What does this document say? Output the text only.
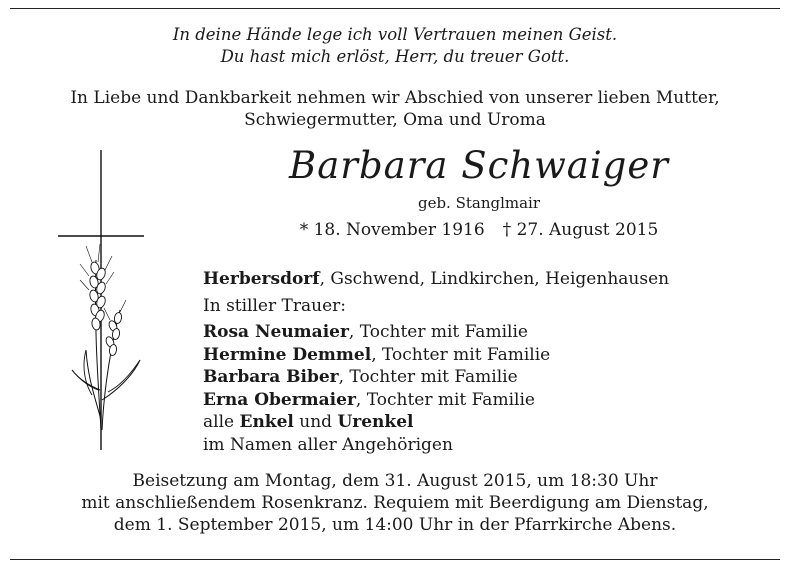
In deine Hände lege ich voll Vertrauen meinen Geist.
Du hast mich erlöst, Herr, du treuer Gott.
In Liebe und Dankbarkeit nehmen wir Abschied von unserer lieben Mutter,
Schwiegermutter, Oma und Uroma
Barbara Schwaiger
geb. Stanglmair
* 18. November 1916 † 27. August 2015
Herbersdorf, Gschwend, Lindkirchen, Heigenhausen
In stiller Trauer:
Rosa Neumaier, Tochter mit Familie
Hermine Demmel, Tochter mit Familie
Barbara Biber, Tochter mit Familie
Erna Obermaier, Tochter mit Familie
alle Enkel und Urenkel
im Namen aller Angehörigen
Beisetzung am Montag, dem 31. August 2015, um 18:30 Uhr
mit anschließendem Rosenkranz. Requiem mit Beerdigung am Dienstag,
dem 1. September 2015, um 14:00 Uhr in der Pfarrkirche Abens.
